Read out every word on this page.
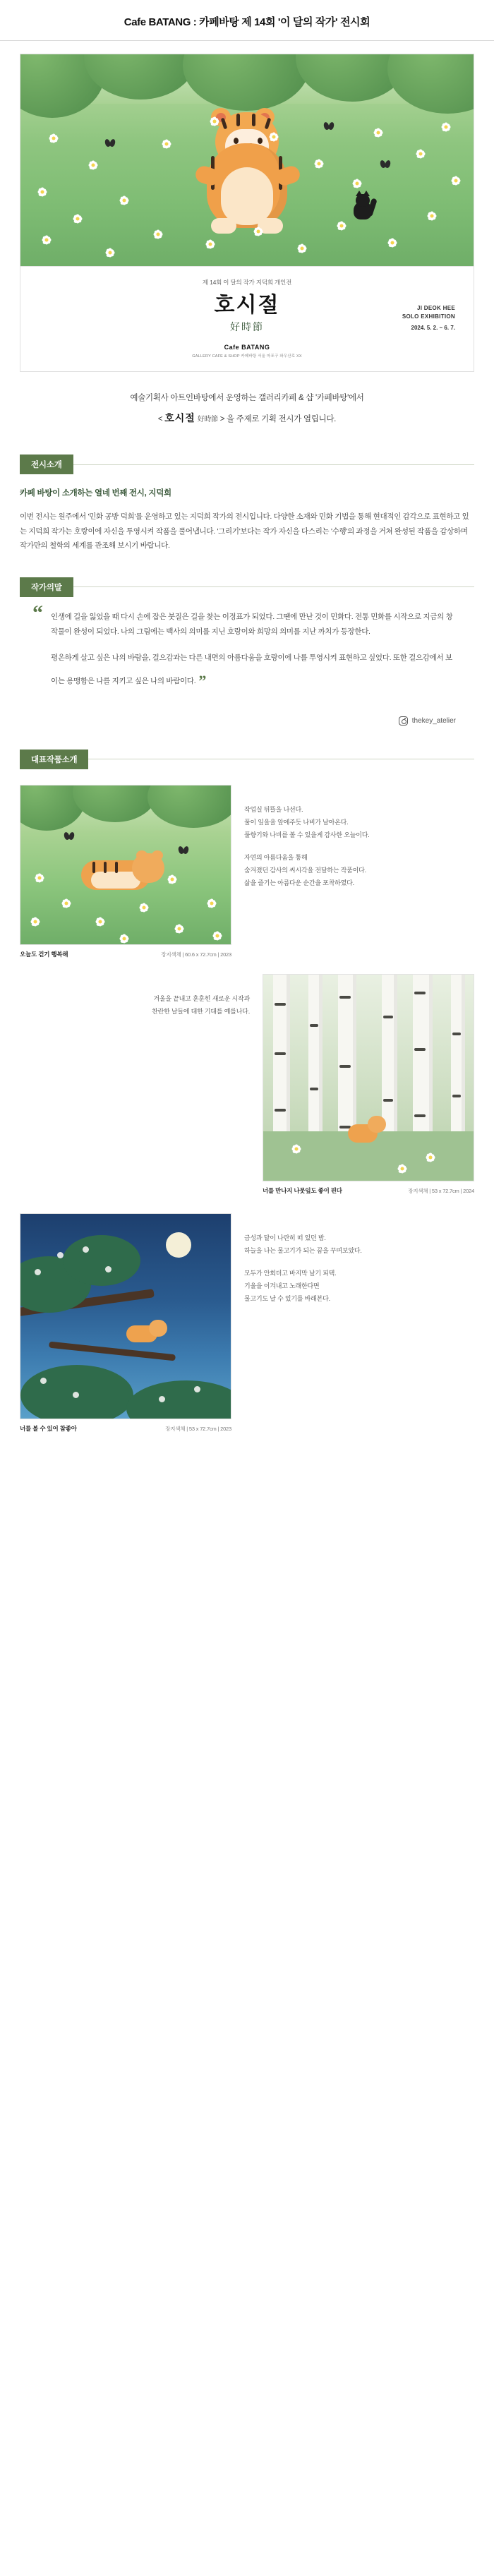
Cafe BATANG : 카페바탕 제 14회 '이 달의 작가' 전시회
제 14회 이 달의 작가 지덕희 개인전
호시절
好時節
JI DEOK HEE
SOLO EXHIBITION
2024. 5. 2. ~ 6. 7.
Cafe BATANG
GALLERY CAFE & SHOP 카페바탕 서울 마포구 와우산로 XX
예술기획사 아트인바탕에서 운영하는 갤러리카페 & 샵 '카페바탕'에서
< 호시절 好時節 > 을 주제로 기획 전시가 열립니다.
전시소개
카페 바탕이 소개하는 열네 번째 전시, 지덕희
이번 전시는 원주에서 '민화 공방 덕희'를 운영하고 있는 지덕희 작가의 전시입니다. 다양한 소재와 민화 기법을 통해 현대적인 감각으로 표현하고 있는 지덕희 작가는 호랑이에 자신을 투영시켜 작품을 풀어냅니다. '그리기'보다는 작가 자신을 다스리는 '수행'의 과정을 거쳐 완성된 작품을 감상하며 작가만의 철학의 세계를 관조해 보시기 바랍니다.
작가의말
“ 인생에 길을 잃었을 때 다시 손에 잡은 붓질은 길을 찾는 이정표가 되었다. 그땐에 만난 것이 민화다. 전통 민화를 시작으로 지금의 창작물이 완성이 되었다. 나의 그림에는 백사의 의미를 지닌 호랑이와 희망의 의미를 지난 까치가 등장한다.

평온하게 살고 싶은 나의 바람을, 걸으감과는 다른 내면의 아름다움을 호랑이에 나를 투영시켜 표현하고 싶었다. 또한 걸으감에서 보이는 용맹함은 나를 지키고 싶은 나의 바람이다. ”

thekey_atelier
대표작품소개
오늘도 걷기 행복해	장지색채 | 60.6 x 72.7cm | 2023
작업실 뒤뜰을 나선다.
풀이 잎을을 앞에주듯 나비가 날아온다.
풀향기와 나비를 볼 수 있을게 감사한 오늘이다.
자연의 아름다움을 통해
숨겨졌던 감사의 씨시각을 전달하는 작품이다.
삶을 즐기는 아름다운 순간을 포착하였다.
너를 만나지 나뭇잎도 좋이 핀다	장지색채 | 53 x 72.7cm | 2024
겨울을 끝내고 훈훈힌 새로운 시작과
찬란한 날들에 대한 기대를 예를나다.
너를 볼 수 있어 참좋아	장지색채 | 53 x 72.7cm | 2023
금성과 달이 나란히 떠 있던 밤.
하늘을 나는 물고기가 되는 꿈을 꾸며보았다.
모두가 안회더고 바지막 날기 피택.
기울을 이겨내고 노래한다면
물고기도 날 수 있기를 바래본다.
